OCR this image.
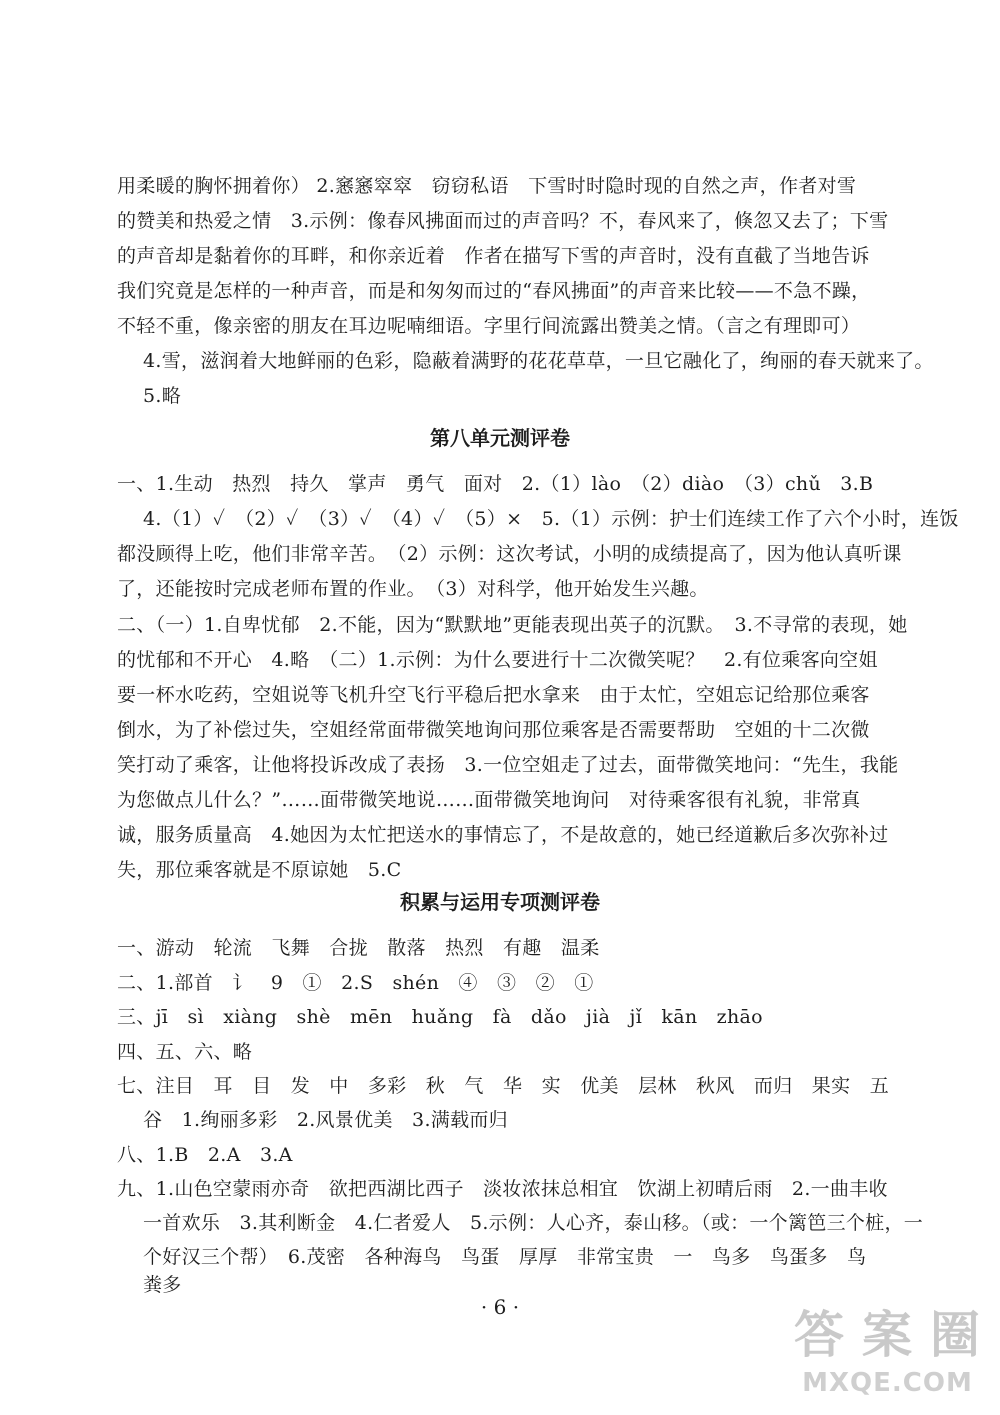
用柔暖的胸怀拥着你） 2.窸窸窣窣　窃窃私语　下雪时时隐时现的自然之声，作者对雪
的赞美和热爱之情　3.示例：像春风拂面而过的声音吗？不，春风来了，倏忽又去了；下雪
的声音却是黏着你的耳畔，和你亲近着　作者在描写下雪的声音时，没有直截了当地告诉
我们究竟是怎样的一种声音，而是和匆匆而过的“春风拂面”的声音来比较——不急不躁，
不轻不重，像亲密的朋友在耳边呢喃细语。字里行间流露出赞美之情。（言之有理即可）
4.雪，滋润着大地鲜丽的色彩，隐蔽着满野的花花草草，一旦它融化了，绚丽的春天就来了。
5.略
第八单元测评卷
一、1.生动　热烈　持久　掌声　勇气　面对　2.（1）lào　（2）diào　（3）chǔ　3.B
4.（1）✓　（2）✓　（3）✓　（4）✓　（5）×　5.（1）示例：护士们连续工作了六个小时，连饭
都没顾得上吃，他们非常辛苦。　（2）示例：这次考试，小明的成绩提高了，因为他认真听课
了，还能按时完成老师布置的作业。　（3）对科学，他开始发生兴趣。
二、（一）1.自卑忧郁　2.不能，因为“默默地”更能表现出英子的沉默。　3.不寻常的表现，她
的忧郁和不开心　4.略　（二）1.示例：为什么要进行十二次微笑呢？　2.有位乘客向空姐
要一杯水吃药，空姐说等飞机升空飞行平稳后把水拿来　由于太忙，空姐忘记给那位乘客
倒水，为了补偿过失，空姐经常面带微笑地询问那位乘客是否需要帮助　空姐的十二次微
笑打动了乘客，让他将投诉改成了表扬　3.一位空姐走了过去，面带微笑地问：“先生，我能
为您做点儿什么？”……面带微笑地说……面带微笑地询问　对待乘客很有礼貌，非常真
诚，服务质量高　4.她因为太忙把送水的事情忘了，不是故意的，她已经道歉后多次弥补过
失，那位乘客就是不原谅她　5.C
积累与运用专项测评卷
一、游动　轮流　飞舞　合拢　散落　热烈　有趣　温柔
二、1.部首　讠　9　①　2.S　shén　④　③　②　①
三、jī　sì　xiàng　shè　mēn　huǎng　fà　dǎo　jià　jǐ　kān　zhāo
四、五、六、略
七、注目　耳　目　发　中　多彩　秋　气　华　实　优美　层林　秋风　而归　果实　五
谷　1.绚丽多彩　2.风景优美　3.满载而归
八、1.B　2.A　3.A
九、1.山色空蒙雨亦奇　欲把西湖比西子　淡妆浓抹总相宜　饮湖上初晴后雨　2.一曲丰收
一首欢乐　3.其利断金　4.仁者爱人　5.示例：人心齐，泰山移。（或：一个篱笆三个桩，一
个好汉三个帮）　6.茂密　各种海鸟　鸟蛋　厚厚　非常宝贵　一　鸟多　鸟蛋多　鸟
粪多
· 6 ·	答 案 圈
MXQE.COM
